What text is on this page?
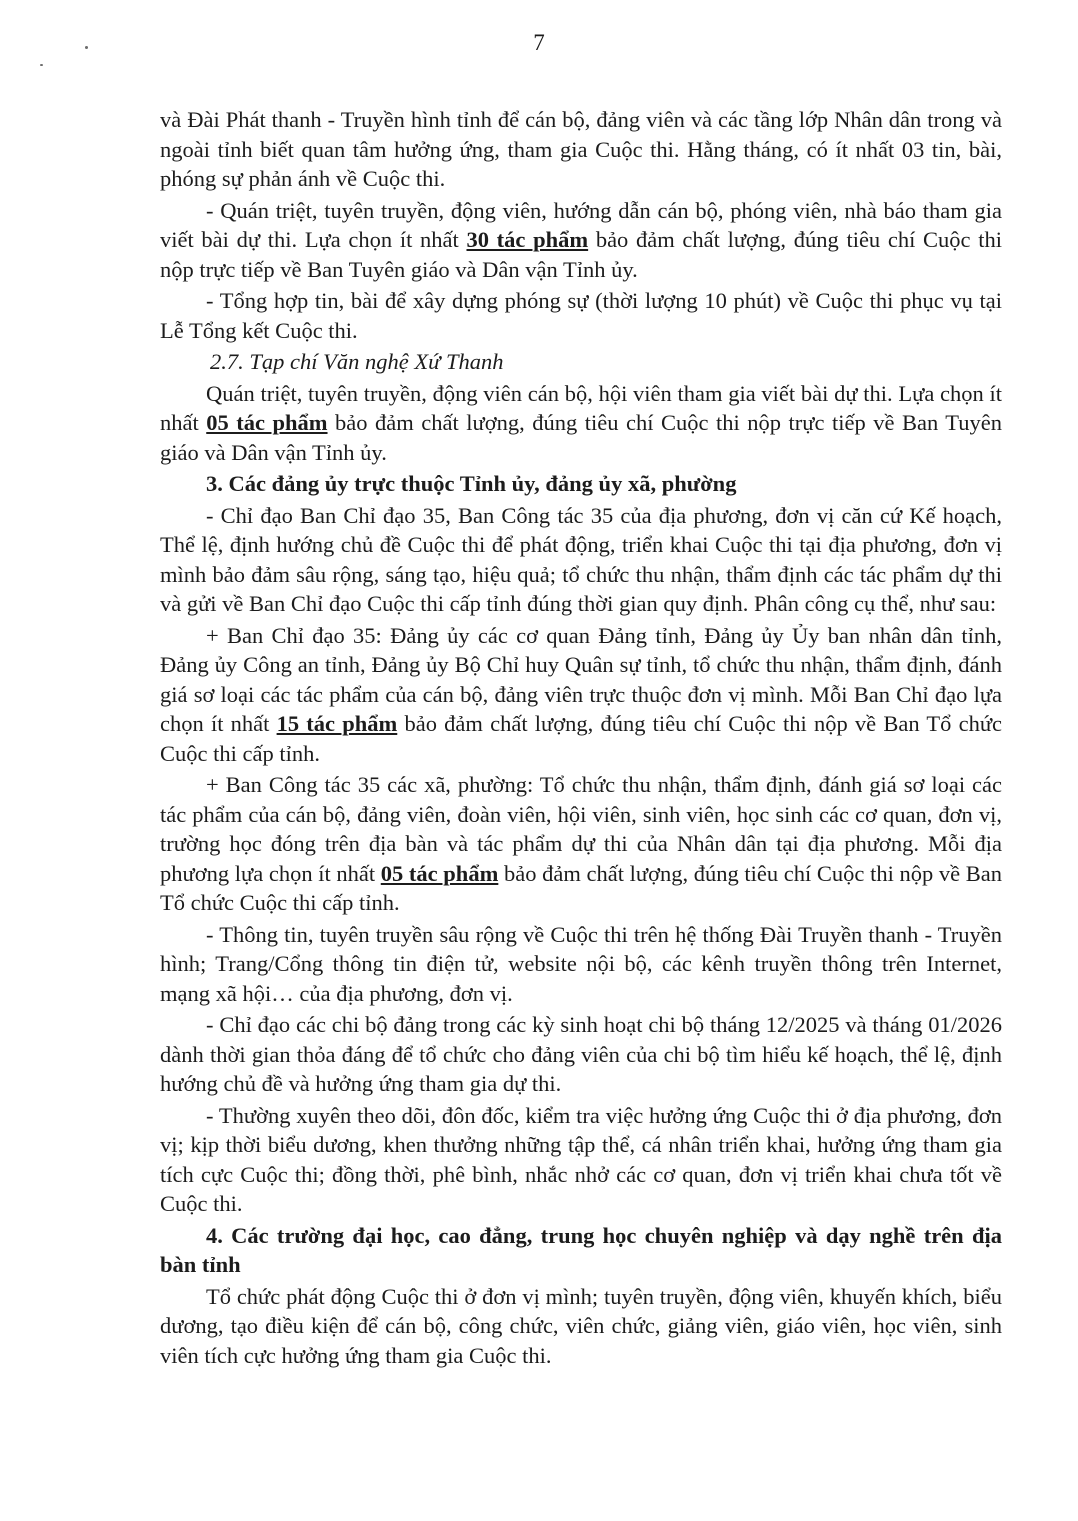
7

và Đài Phát thanh - Truyền hình tỉnh để cán bộ, đảng viên và các tầng lớp Nhân dân trong và ngoài tỉnh biết quan tâm hưởng ứng, tham gia Cuộc thi. Hằng tháng, có ít nhất 03 tin, bài, phóng sự phản ánh về Cuộc thi.

- Quán triệt, tuyên truyền, động viên, hướng dẫn cán bộ, phóng viên, nhà báo tham gia viết bài dự thi. Lựa chọn ít nhất 30 tác phẩm bảo đảm chất lượng, đúng tiêu chí Cuộc thi nộp trực tiếp về Ban Tuyên giáo và Dân vận Tỉnh ủy.

- Tổng hợp tin, bài để xây dựng phóng sự (thời lượng 10 phút) về Cuộc thi phục vụ tại Lễ Tổng kết Cuộc thi.

2.7. Tạp chí Văn nghệ Xứ Thanh

Quán triệt, tuyên truyền, động viên cán bộ, hội viên tham gia viết bài dự thi. Lựa chọn ít nhất 05 tác phẩm bảo đảm chất lượng, đúng tiêu chí Cuộc thi nộp trực tiếp về Ban Tuyên giáo và Dân vận Tỉnh ủy.

3. Các đảng ủy trực thuộc Tỉnh ủy, đảng ủy xã, phường

- Chỉ đạo Ban Chỉ đạo 35, Ban Công tác 35 của địa phương, đơn vị căn cứ Kế hoạch, Thể lệ, định hướng chủ đề Cuộc thi để phát động, triển khai Cuộc thi tại địa phương, đơn vị mình bảo đảm sâu rộng, sáng tạo, hiệu quả; tổ chức thu nhận, thẩm định các tác phẩm dự thi và gửi về Ban Chỉ đạo Cuộc thi cấp tỉnh đúng thời gian quy định. Phân công cụ thể, như sau:

+ Ban Chỉ đạo 35: Đảng ủy các cơ quan Đảng tỉnh, Đảng ủy Ủy ban nhân dân tỉnh, Đảng ủy Công an tỉnh, Đảng ủy Bộ Chỉ huy Quân sự tỉnh, tổ chức thu nhận, thẩm định, đánh giá sơ loại các tác phẩm của cán bộ, đảng viên trực thuộc đơn vị mình. Mỗi Ban Chỉ đạo lựa chọn ít nhất 15 tác phẩm bảo đảm chất lượng, đúng tiêu chí Cuộc thi nộp về Ban Tổ chức Cuộc thi cấp tỉnh.

+ Ban Công tác 35 các xã, phường: Tổ chức thu nhận, thẩm định, đánh giá sơ loại các tác phẩm của cán bộ, đảng viên, đoàn viên, hội viên, sinh viên, học sinh các cơ quan, đơn vị, trường học đóng trên địa bàn và tác phẩm dự thi của Nhân dân tại địa phương. Mỗi địa phương lựa chọn ít nhất 05 tác phẩm bảo đảm chất lượng, đúng tiêu chí Cuộc thi nộp về Ban Tổ chức Cuộc thi cấp tỉnh.

- Thông tin, tuyên truyền sâu rộng về Cuộc thi trên hệ thống Đài Truyền thanh - Truyền hình; Trang/Cổng thông tin điện tử, website nội bộ, các kênh truyền thông trên Internet, mạng xã hội… của địa phương, đơn vị.

- Chỉ đạo các chi bộ đảng trong các kỳ sinh hoạt chi bộ tháng 12/2025 và tháng 01/2026 dành thời gian thỏa đáng để tổ chức cho đảng viên của chi bộ tìm hiểu kế hoạch, thể lệ, định hướng chủ đề và hưởng ứng tham gia dự thi.

- Thường xuyên theo dõi, đôn đốc, kiểm tra việc hưởng ứng Cuộc thi ở địa phương, đơn vị; kịp thời biểu dương, khen thưởng những tập thể, cá nhân triển khai, hưởng ứng tham gia tích cực Cuộc thi; đồng thời, phê bình, nhắc nhở các cơ quan, đơn vị triển khai chưa tốt về Cuộc thi.

4. Các trường đại học, cao đẳng, trung học chuyên nghiệp và dạy nghề trên địa bàn tỉnh

Tổ chức phát động Cuộc thi ở đơn vị mình; tuyên truyền, động viên, khuyến khích, biểu dương, tạo điều kiện để cán bộ, công chức, viên chức, giảng viên, giáo viên, học viên, sinh viên tích cực hưởng ứng tham gia Cuộc thi.
